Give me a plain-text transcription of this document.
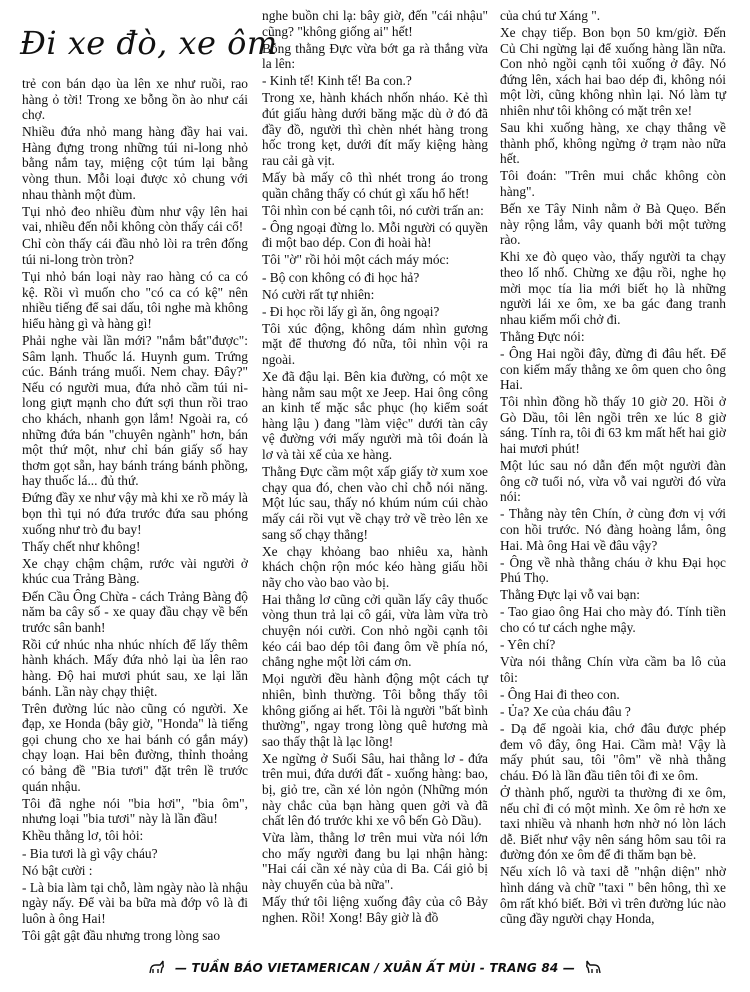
Đi xe đò, xe ôm

trẻ con bán dạo ùa lên xe như ruồi, rao hàng ỏ tời! Trong xe bỗng ồn ào như cái chợ.

Nhiều đứa nhỏ mang hàng đầy hai vai. Hàng đựng trong những túi ni-long nhỏ bằng nắm tay, miệng cột túm lại bằng vòng thun. Mỗi loại được xỏ chung với nhau thành một đùm.

Tụi nhỏ đeo nhiều đùm như vậy lên hai vai, nhiều đến nỗi không còn thấy cái cổ!

Chỉ còn thấy cái đầu nhỏ lòi ra trên đống túi ni-long tròn tròn?

Tụi nhỏ bán loại này rao hàng có ca có kệ. Rồi vì muốn cho "có ca có kệ" nên nhiều tiếng để sai dấu, tôi nghe mà không hiểu hàng gì và hàng gì!

Phải nghe vài lần mới? "nắm bắt"được": Sâm lạnh. Thuốc lá. Huynh gum. Trứng cúc. Bánh tráng muối. Nem chay. Đây?" Nếu có người mua, đứa nhỏ cầm túi ni-long giựt mạnh cho đứt sợi thun rồi trao cho khách, nhanh gọn lắm! Ngoài ra, có những đứa bán "chuyên ngành" hơn, bán một thứ một, như chỉ bán giấy số hay thơm gọt sẵn, hay bánh tráng bánh phồng, hay thuốc lá... đủ thứ.

Đứng đầy xe như vậy mà khi xe rồ máy là bọn thì tụi nó đứa trước đứa sau phóng xuống như trò đu bay!

Thấy chết như không!

Xe chạy chậm chậm, rước vài người ở khúc cua Trảng Bàng.

Đến Cầu Ông Chừa - cách Trảng Bàng độ năm ba cây số - xe quay đầu chạy về bến trước sân banh!

Rồi cứ nhúc nha nhúc nhích để lấy thêm hành khách. Mấy đứa nhỏ lại ùa lên rao hàng. Độ hai mươi phút sau, xe lại lăn bánh. Lần này chạy thiệt.

Trên đường lúc nào cũng có người. Xe đạp, xe Honda (bây giờ, "Honda" là tiếng gọi chung cho xe hai bánh có gắn máy) chạy loạn. Hai bên đường, thỉnh thoảng có bảng đề "Bia tươi" đặt trên lề trước quán nhậu.

Tôi đã nghe nói "bia hơi", "bia ôm", nhưng loại "bia tươi" này là lần đầu!

Khều thằng lơ, tôi hỏi:

- Bia tươi là gì vậy cháu?

Nó bật cười :

- Là bia làm tại chỗ, làm ngày nào là nhậu ngày nấy. Để vài ba bữa mà đớp vô là đi luôn à ông Hai!

Tôi gật gật đầu nhưng trong lòng sao

nghe buồn chi lạ: bây giờ, đến "cái nhậu" cũng? "không giống ai" hết!

Bỗng thằng Đực vừa bớt ga rà thắng vừa la lên:

- Kinh tế! Kinh tế! Ba con.?

Trong xe, hành khách nhốn nháo. Kẻ thì đút giấu hàng dưới băng mặc dù ở đó đã đầy đồ, người thì chèn nhét hàng trong hốc trong kẹt, dưới đít mấy kiệng hàng rau cải gà vịt.

Mấy bà mấy cô thì nhét trong áo trong quần chẳng thấy có chút gì xấu hổ hết!

Tôi nhìn con bé cạnh tôi, nó cười trấn an:

- Ông ngoại đừng lo. Mỗi người có quyền đi một bao dép. Con đi hoài hà!

Tôi "ờ" rồi hỏi một cách máy móc:

- Bộ con không có đi học hả?

Nó cười rất tự nhiên:

- Đi học rồi lấy gì ăn, ông ngoại?

Tôi xúc động, không dám nhìn gương mặt để thương đó nữa, tôi nhìn vội ra ngoài.

Xe đã đậu lại. Bên kia đường, có một xe hàng nằm sau một xe Jeep. Hai ông công an kinh tế mặc sắc phục (họ kiểm soát hàng lậu ) đang "làm việc" dưới tàn cây vệ đường với mấy người mà tôi đoán là lơ và tài xế của xe hàng.

Thằng Đực cầm một xấp giấy tờ xum xoe chạy qua đó, chen vào chỉ chỗ nói năng. Một lúc sau, thấy nó khúm núm cúi chào mấy cái rồi vụt về chạy trở về trèo lên xe sang số chạy thẳng!

Xe chạy khỏang bao nhiêu xa, hành khách chộn rộn móc kéo hàng giấu hồi nãy cho vào bao vào bị.

Hai thằng lơ cũng cởi quần lấy cây thuốc vòng thun trả lại cô gái, vừa làm vừa trò chuyện nói cười. Con nhỏ ngồi cạnh tôi kéo cái bao dép tôi đang ôm về phía nó, chẳng nghe một lời cám ơn.

Mọi người đều hành động một cách tự nhiên, bình thường. Tôi bỗng thấy tôi không giống ai hết. Tôi là người "bất bình thường", ngay trong lòng quê hương mà sao thấy thật là lạc lõng!

Xe ngừng ở Suối Sâu, hai thằng lơ - đứa trên mui, đứa dưới đất - xuống hàng: bao, bị, giỏ tre, cần xé lỏn ngỏn (Những món này chắc của bạn hàng quen gởi và đã chất lên đó trước khi xe vô bến Gò Dầu).

Vừa làm, thằng lơ trên mui vừa nói lớn cho mấy người đang bu lại nhận hàng: "Hai cái cần xé này của di Ba. Cái giỏ bị này chuyển của bà nữa".

Mấy thứ tôi liệng xuống đây của cô Bảy nghen. Rồi! Xong! Bây giờ là đồ

của chú tư Xáng ".

Xe chạy tiếp. Bon bọn 50 km/giờ. Đến Củ Chi ngừng lại để xuống hàng lần nữa. Con nhỏ ngồi cạnh tôi xuống ở đây. Nó đứng lên, xách hai bao dép đi, không nói một lời, cũng không nhìn lại. Nó làm tự nhiên như tôi không có mặt trên xe!

Sau khi xuống hàng, xe chạy thẳng về thành phố, không ngừng ở trạm nào nữa hết.

Tôi đoán: "Trên mui chắc không còn hàng".

Bến xe Tây Ninh nằm ở Bà Quẹo. Bến này rộng lắm, vây quanh bởi một tường rào.

Khi xe đò quẹo vào, thấy người ta chạy theo lố nhố. Chừng xe đậu rồi, nghe họ mời mọc tía lia mới biết họ là những người lái xe ôm, xe ba gác đang tranh nhau kiếm mối chở đi.

Thằng Đực nói:

- Ông Hai ngồi đây, đừng đi đâu hết. Để con kiếm mấy thằng xe ôm quen cho ông Hai.

Tôi nhìn đồng hồ thấy 10 giờ 20. Hồi ở Gò Dầu, tôi lên ngồi trên xe lúc 8 giờ sáng. Tính ra, tôi đi 63 km mất hết hai giờ hai mươi phút!

Một lúc sau nó dẫn đến một người đàn ông cỡ tuổi nó, vừa vỗ vai người đó vừa nói:

- Thằng này tên Chín, ở cùng đơn vị với con hồi trước. Nó đàng hoàng lắm, ông Hai. Mà ông Hai về đâu vậy?

- Ông về nhà thằng cháu ở khu Đại học Phú Thọ.

Thằng Đực lại vỗ vai bạn:

- Tao giao ông Hai cho mày đó. Tính tiền cho có tư cách nghe mậy.

- Yên chí?

Vừa nói thằng Chín vừa cầm ba lô của tôi:

- Ông Hai đi theo con.

- Ủa? Xe của cháu đâu ?

- Dạ để ngoài kia, chớ đâu được phép đem vô đây, ông Hai. Cầm mà! Vậy là mấy phút sau, tôi "ôm" về nhà thằng cháu. Đó là lần đầu tiên tôi đi xe ôm.

Ở thành phố, người ta thường đi xe ôm, nếu chỉ đi có một mình. Xe ôm rẻ hơn xe taxi nhiều và nhanh hơn nhờ nó lòn lách dễ. Biết như vậy nên sáng hôm sau tôi ra đường đón xe ôm để đi thăm bạn bè.

Nếu xích lô và taxi dễ "nhận diện" nhờ hình dáng và chữ "taxi " bên hông, thì xe ôm rất khó biết. Bởi vì trên đường lúc nào cũng đầy người chạy Honda,

— TUẦN BÁO VIETAMERICAN / XUÂN ẤT MÙI - TRANG 84 —
